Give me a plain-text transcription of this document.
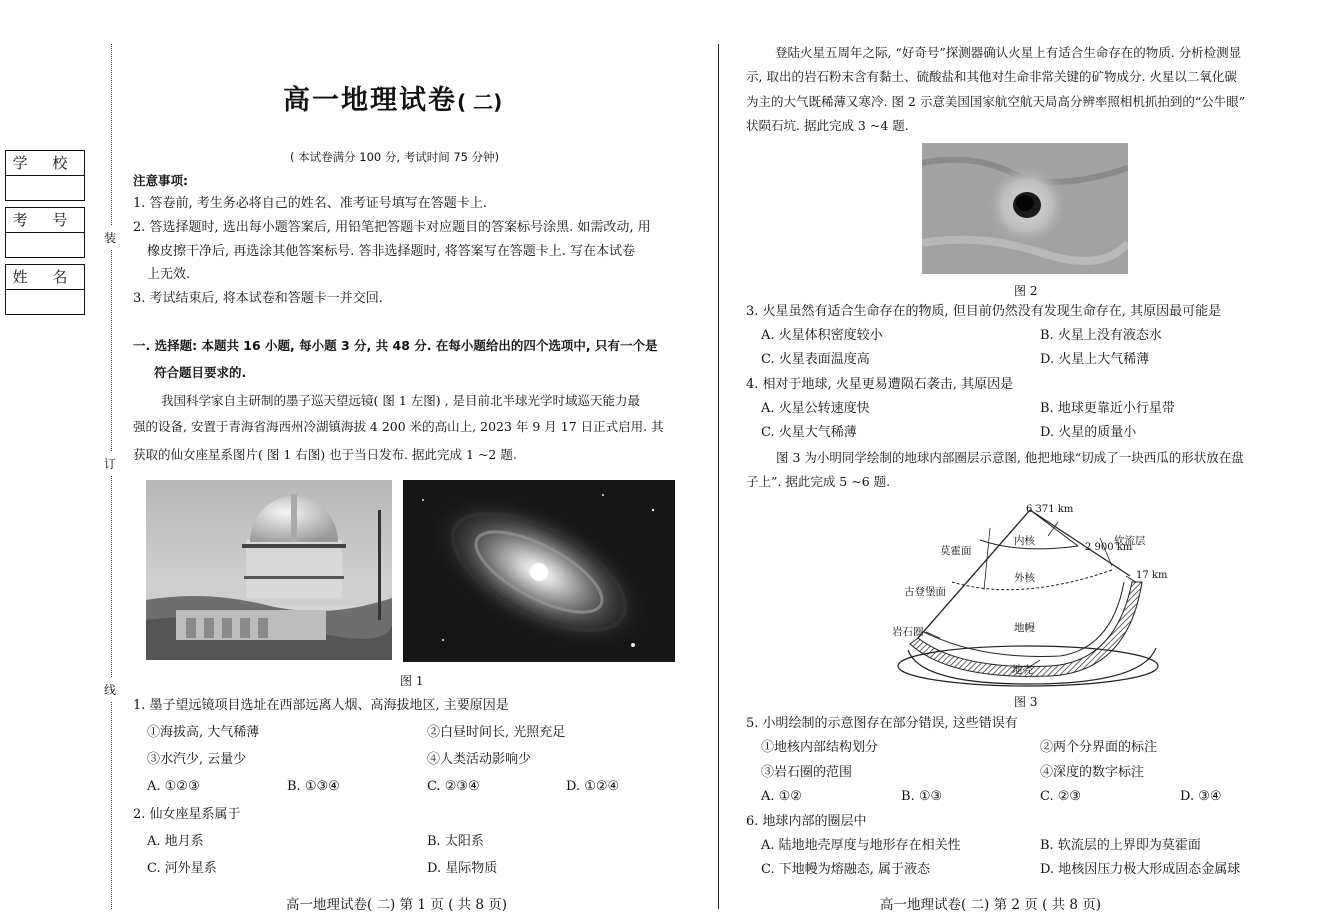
学 校
考 号
姓 名
装
订
线
高一地理试卷( 二)
( 本试卷满分 100 分, 考试时间 75 分钟)
注意事项:
1. 答卷前, 考生务必将自己的姓名、准考证号填写在答题卡上.
2. 答选择题时, 选出每小题答案后, 用铅笔把答题卡对应题目的答案标号涂黑. 如需改动, 用
橡皮擦干净后, 再选涂其他答案标号. 答非选择题时, 将答案写在答题卡上. 写在本试卷
上无效.
3. 考试结束后, 将本试卷和答题卡一并交回.
一. 选择题: 本题共 16 小题, 每小题 3 分, 共 48 分. 在每小题给出的四个选项中, 只有一个是
符合题目要求的.
我国科学家自主研制的墨子巡天望远镜( 图 1 左图) , 是目前北半球光学时域巡天能力最
强的设备, 安置于青海省海西州冷湖镇海拔 4 200 米的高山上, 2023 年 9 月 17 日正式启用. 其
获取的仙女座星系图片( 图 1 右图) 也于当日发布. 据此完成 1 ~2 题.
图 1
1. 墨子望远镜项目选址在西部远离人烟、高海拔地区, 主要原因是
①海拔高, 大气稀薄	②白昼时间长, 光照充足
③水汽少, 云量少	④人类活动影响少
A. ①②③	B. ①③④	C. ②③④	D. ①②④
2. 仙女座星系属于
A. 地月系	B. 太阳系
C. 河外星系	D. 星际物质
高一地理试卷( 二) 第 1 页 ( 共 8 页)
登陆火星五周年之际, “好奇号”探测器确认火星上有适合生命存在的物质. 分析检测显
示, 取出的岩石粉末含有黏土、硫酸盐和其他对生命非常关键的矿物成分. 火星以二氧化碳
为主的大气既稀薄又寒冷. 图 2 示意美国国家航空航天局高分辨率照相机抓拍到的“公牛眼”
状陨石坑. 据此完成 3 ~4 题.
图 2
3. 火星虽然有适合生命存在的物质, 但目前仍然没有发现生命存在, 其原因最可能是
A. 火星体积密度较小	B. 火星上没有液态水
C. 火星表面温度高	D. 火星上大气稀薄
4. 相对于地球, 火星更易遭陨石袭击, 其原因是
A. 火星公转速度快	B. 地球更靠近小行星带
C. 火星大气稀薄	D. 火星的质量小
图 3 为小明同学绘制的地球内部圈层示意图, 他把地球“切成了一块西瓜的形状放在盘
子上”. 据此完成 5 ~6 题.
6 371 km
内核
莫霍面	2 900 km
软流层
外核	17 km
古登堡面
地幔
岩石圈
地壳
图 3
5. 小明绘制的示意图存在部分错误, 这些错误有
①地核内部结构划分	②两个分界面的标注
③岩石圈的范围	④深度的数字标注
A. ①②	B. ①③	C. ②③	D. ③④
6. 地球内部的圈层中
A. 陆地地壳厚度与地形存在相关性	B. 软流层的上界即为莫霍面
C. 下地幔为熔融态, 属于液态	D. 地核因压力极大形成固态金属球
高一地理试卷( 二) 第 2 页 ( 共 8 页)
